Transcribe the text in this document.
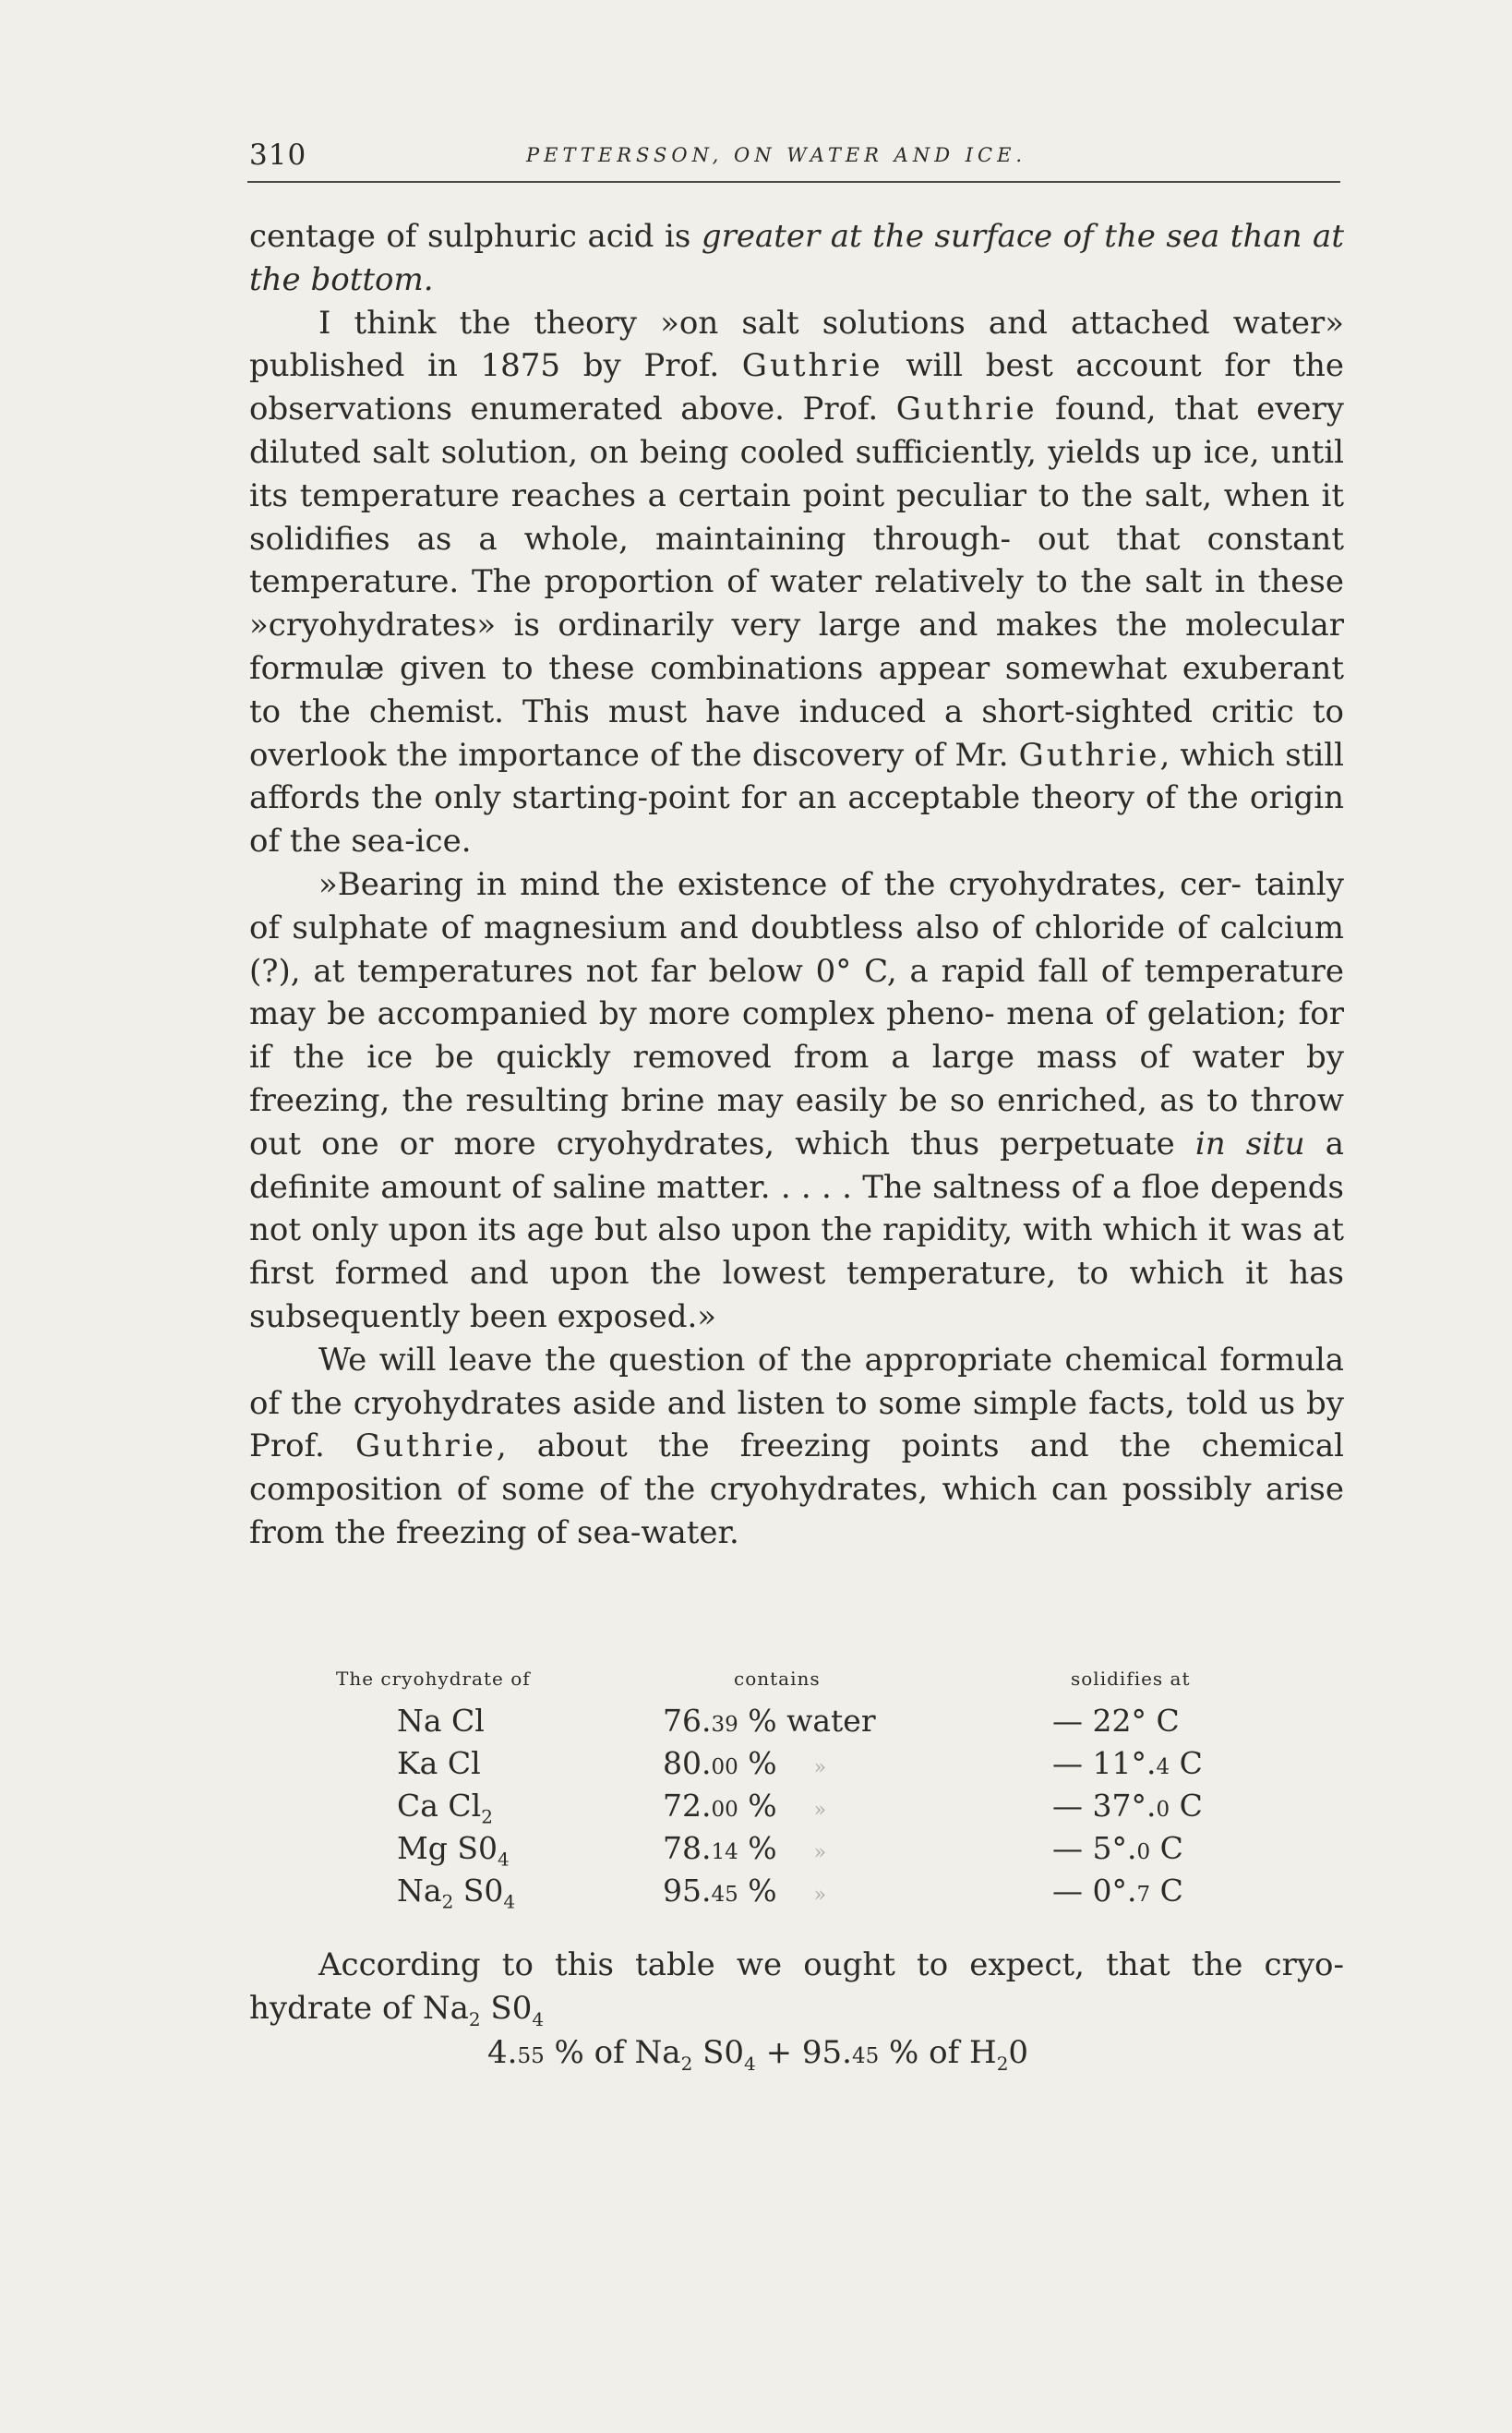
310	PETTERSSON, ON WATER AND ICE.

centage of sulphuric acid is greater at the surface of the sea than at the bottom.

I think the theory »on salt solutions and attached water» published in 1875 by Prof. Guthrie will best account for the observations enumerated above. Prof. Guthrie found, that every diluted salt solution, on being cooled sufficiently, yields up ice, until its temperature reaches a certain point peculiar to the salt, when it solidifies as a whole, maintaining through- out that constant temperature. The proportion of water relatively to the salt in these »cryohydrates» is ordinarily very large and makes the molecular formulæ given to these combinations appear somewhat exuberant to the chemist. This must have induced a short-sighted critic to overlook the importance of the discovery of Mr. Guthrie, which still affords the only starting-point for an acceptable theory of the origin of the sea-ice.

»Bearing in mind the existence of the cryohydrates, cer- tainly of sulphate of magnesium and doubtless also of chloride of calcium (?), at temperatures not far below 0° C, a rapid fall of temperature may be accompanied by more complex pheno- mena of gelation; for if the ice be quickly removed from a large mass of water by freezing, the resulting brine may easily be so enriched, as to throw out one or more cryohydrates, which thus perpetuate in situ a definite amount of saline matter. . . . . The saltness of a floe depends not only upon its age but also upon the rapidity, with which it was at first formed and upon the lowest temperature, to which it has subsequently been exposed.»

We will leave the question of the appropriate chemical formula of the cryohydrates aside and listen to some simple facts, told us by Prof. Guthrie, about the freezing points and the chemical composition of some of the cryohydrates, which can possibly arise from the freezing of sea-water.

The cryohydrate of	contains	solidifies at
Na Cl	76.39 % water	— 22° C
Ka Cl	80.00 % »	— 11°.4 C
Ca $Cl_2$	72.00 % »	— 37°.0 C
Mg $S0_4$	78.14 % »	— 5°.0 C
$Na_2$ $S0_4$	95.45 % »	— 0°.7 C

According to this table we ought to expect, that the cryo- hydrate of $Na_2$ $S0_4$

4.55 % of $Na_2$ $S0_4 + 95.45$ % of $H_20$
